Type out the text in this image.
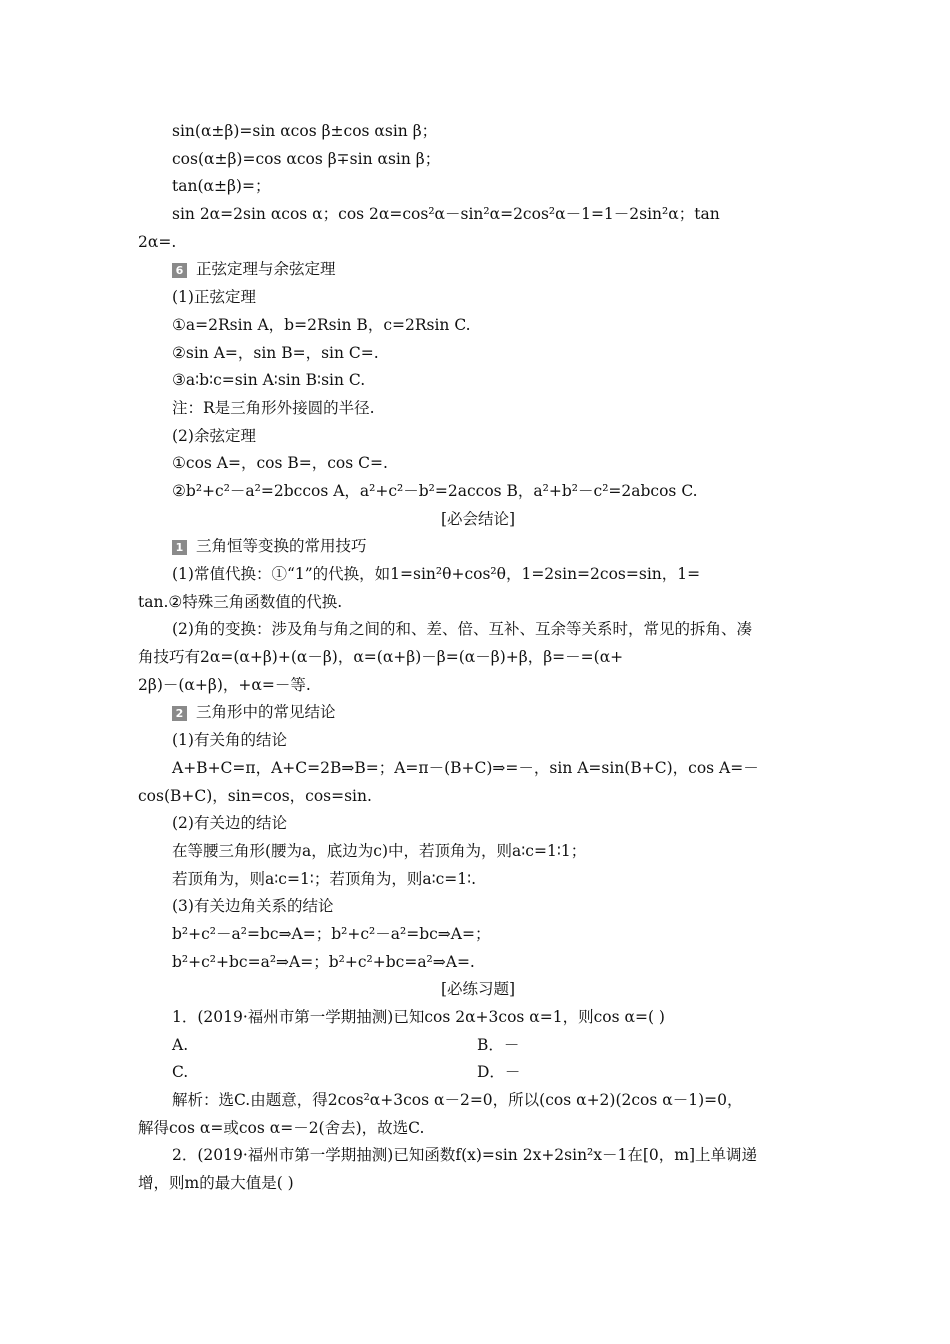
sin(α±β)=sin αcos β±cos αsin β；
cos(α±β)=cos αcos β∓sin αsin β；
tan(α±β)=；
sin 2α=2sin αcos α；cos 2α=cos²α－sin²α=2cos²α－1=1－2sin²α；tan
2α=.
6 正弦定理与余弦定理
(1)正弦定理
①a=2Rsin A，b=2Rsin B，c=2Rsin C.
②sin A=，sin B=，sin C=.
③a∶b∶c=sin A∶sin B∶sin C.
注：R是三角形外接圆的半径.
(2)余弦定理
①cos A=，cos B=，cos C=.
②b²+c²－a²=2bccos A，a²+c²－b²=2accos B，a²+b²－c²=2abcos C.
[必会结论]
1 三角恒等变换的常用技巧
(1)常值代换：①“1”的代换，如1=sin²θ+cos²θ，1=2sin=2cos=sin，1=
tan.②特殊三角函数值的代换.
(2)角的变换：涉及角与角之间的和、差、倍、互补、互余等关系时，常见的拆角、凑
角技巧有2α=(α+β)+(α－β)，α=(α+β)－β=(α－β)+β，β=－=(α+
2β)－(α+β)，+α=－等.
2 三角形中的常见结论
(1)有关角的结论
A+B+C=π，A+C=2B⇒B=；A=π－(B+C)⇒=－，sin A=sin(B+C)，cos A=－
cos(B+C)，sin=cos，cos=sin.
(2)有关边的结论
在等腰三角形(腰为a，底边为c)中，若顶角为，则a∶c=1∶1；
若顶角为，则a∶c=1∶；若顶角为，则a∶c=1∶.
(3)有关边角关系的结论
b²+c²－a²=bc⇒A=；b²+c²－a²=bc⇒A=；
b²+c²+bc=a²⇒A=；b²+c²+bc=a²⇒A=.
[必练习题]
1．(2019·福州市第一学期抽测)已知cos 2α+3cos α=1，则cos α=( )
A.	B．－
C.	D．－
解析：选C.由题意，得2cos²α+3cos α－2=0，所以(cos α+2)(2cos α－1)=0，
解得cos α=或cos α=－2(舍去)，故选C.
2．(2019·福州市第一学期抽测)已知函数f(x)=sin 2x+2sin²x－1在[0，m]上单调递
增，则m的最大值是( )
